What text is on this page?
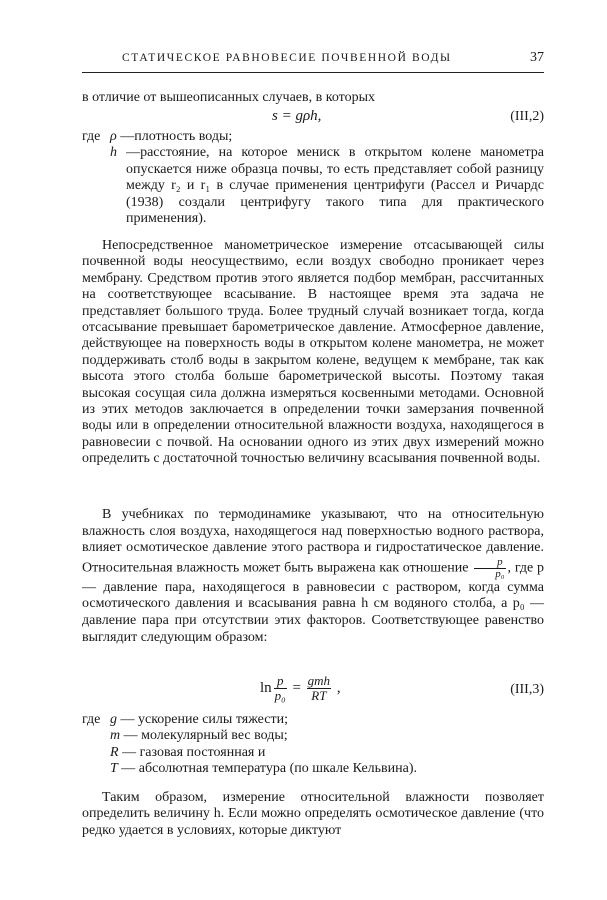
СТАТИЧЕСКОЕ РАВНОВЕСИЕ ПОЧВЕННОЙ ВОДЫ	37
в отличие от вышеописанных случаев, в которых
s = gρh,	(III,2)
где ρ —плотность воды;
h —расстояние, на которое мениск в открытом колене манометра опускается ниже образца почвы, то есть представляет собой разницу между r₂ и r₁ в случае применения центрифуги (Рассел и Ричардс (1938) создали центрифугу такого типа для практического применения).
Непосредственное манометрическое измерение отсасывающей силы почвенной воды неосуществимо, если воздух свободно проникает через мембрану. Средством против этого является подбор мембран, рассчитанных на соответствующее всасывание. В настоящее время эта задача не представляет большого труда. Более трудный случай возникает тогда, когда отсасывание превышает барометрическое давление. Атмосферное давление, действующее на поверхность воды в открытом колене манометра, не может поддерживать столб воды в закрытом колене, ведущем к мембране, так как высота этого столба больше барометрической высоты. Поэтому такая высокая сосущая сила должна измеряться косвенными методами. Основной из этих методов заключается в определении точки замерзания почвенной воды или в определении относительной влажности воздуха, находящегося в равновесии с почвой. На основании одного из этих двух измерений можно определить с достаточной точностью величину всасывания почвенной воды.
В учебниках по термодинамике указывают, что на относительную влажность слоя воздуха, находящегося над поверхностью водного раствора, влияет осмотическое давление этого раствора и гидростатическое давление. Относительная влажность может быть выражена как отношение $\frac{p}{\text{p₀}}$ , где p — давление пара, находящегося в равновесии с раствором, когда сумма осмотического давления и всасывания равна h см водяного столба, а p₀ — давление пара при отсутствии этих факторов. Соответствующее равенство выглядит следующим образом:
$\ln \frac{p}{\text{p₀}} = \frac{\text{gmh}}{RT}$ ,	(III,3)
где g — ускорение силы тяжести;
m — молекулярный вес воды;
R — газовая постоянная и
T — абсолютная температура (по шкале Кельвина).
Таким образом, измерение относительной влажности позволяет определить величину h. Если можно определять осмотическое давление (что редко удается в условиях, которые диктуют
